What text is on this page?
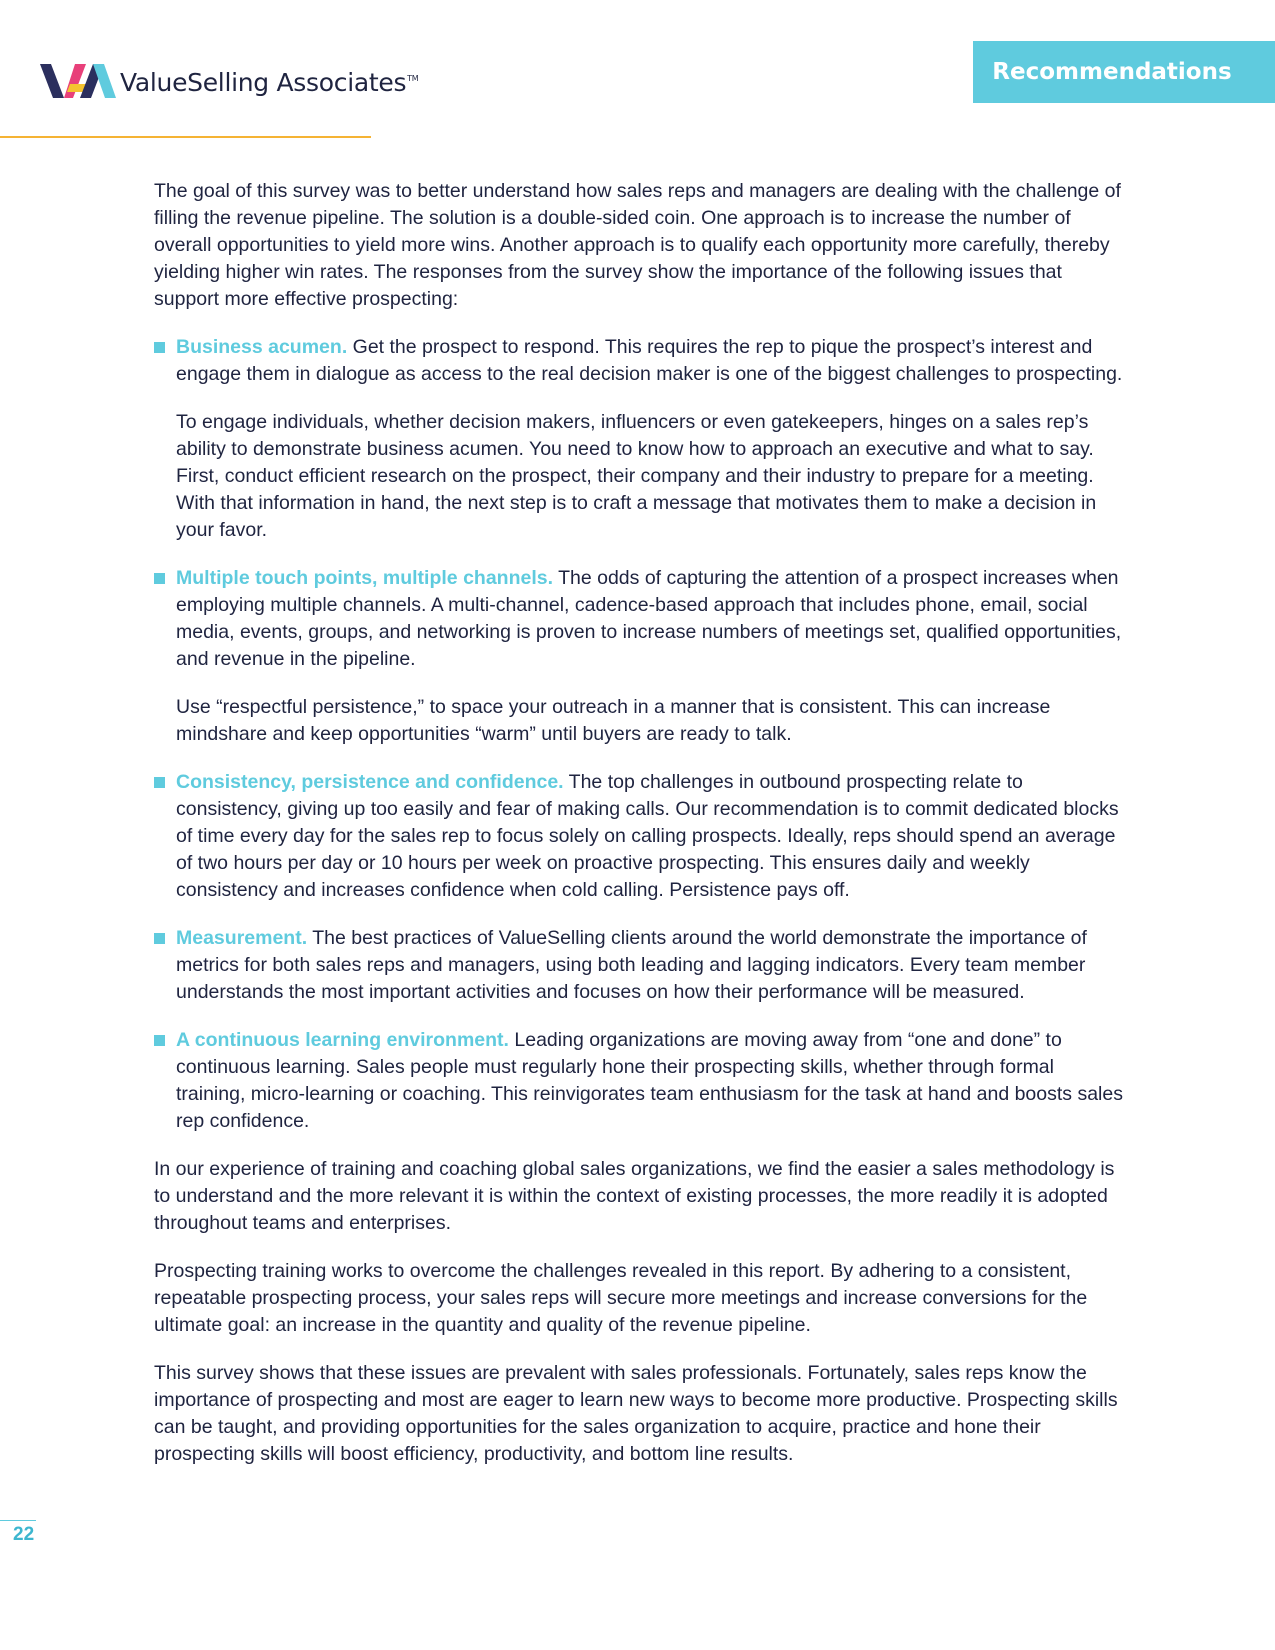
ValueSelling Associates™	Recommendations

The goal of this survey was to better understand how sales reps and managers are dealing with the challenge of filling the revenue pipeline. The solution is a double-sided coin. One approach is to increase the number of overall opportunities to yield more wins. Another approach is to qualify each opportunity more carefully, thereby yielding higher win rates. The responses from the survey show the importance of the following issues that support more effective prospecting:

Business acumen. Get the prospect to respond. This requires the rep to pique the prospect’s interest and engage them in dialogue as access to the real decision maker is one of the biggest challenges to prospecting.
To engage individuals, whether decision makers, influencers or even gatekeepers, hinges on a sales rep’s ability to demonstrate business acumen. You need to know how to approach an executive and what to say. First, conduct efficient research on the prospect, their company and their industry to prepare for a meeting. With that information in hand, the next step is to craft a message that motivates them to make a decision in your favor.
Multiple touch points, multiple channels. The odds of capturing the attention of a prospect increases when employing multiple channels. A multi-channel, cadence-based approach that includes phone, email, social media, events, groups, and networking is proven to increase numbers of meetings set, qualified opportunities, and revenue in the pipeline.
Use “respectful persistence,” to space your outreach in a manner that is consistent. This can increase mindshare and keep opportunities “warm” until buyers are ready to talk.
Consistency, persistence and confidence. The top challenges in outbound prospecting relate to consistency, giving up too easily and fear of making calls. Our recommendation is to commit dedicated blocks of time every day for the sales rep to focus solely on calling prospects. Ideally, reps should spend an average of two hours per day or 10 hours per week on proactive prospecting. This ensures daily and weekly consistency and increases confidence when cold calling. Persistence pays off.
Measurement. The best practices of ValueSelling clients around the world demonstrate the importance of metrics for both sales reps and managers, using both leading and lagging indicators. Every team member understands the most important activities and focuses on how their performance will be measured.
A continuous learning environment. Leading organizations are moving away from “one and done” to continuous learning. Sales people must regularly hone their prospecting skills, whether through formal training, micro-learning or coaching. This reinvigorates team enthusiasm for the task at hand and boosts sales rep confidence.

In our experience of training and coaching global sales organizations, we find the easier a sales methodology is to understand and the more relevant it is within the context of existing processes, the more readily it is adopted throughout teams and enterprises.

Prospecting training works to overcome the challenges revealed in this report. By adhering to a consistent, repeatable prospecting process, your sales reps will secure more meetings and increase conversions for the ultimate goal: an increase in the quantity and quality of the revenue pipeline.

This survey shows that these issues are prevalent with sales professionals. Fortunately, sales reps know the importance of prospecting and most are eager to learn new ways to become more productive. Prospecting skills can be taught, and providing opportunities for the sales organization to acquire, practice and hone their prospecting skills will boost efficiency, productivity, and bottom line results.

22
